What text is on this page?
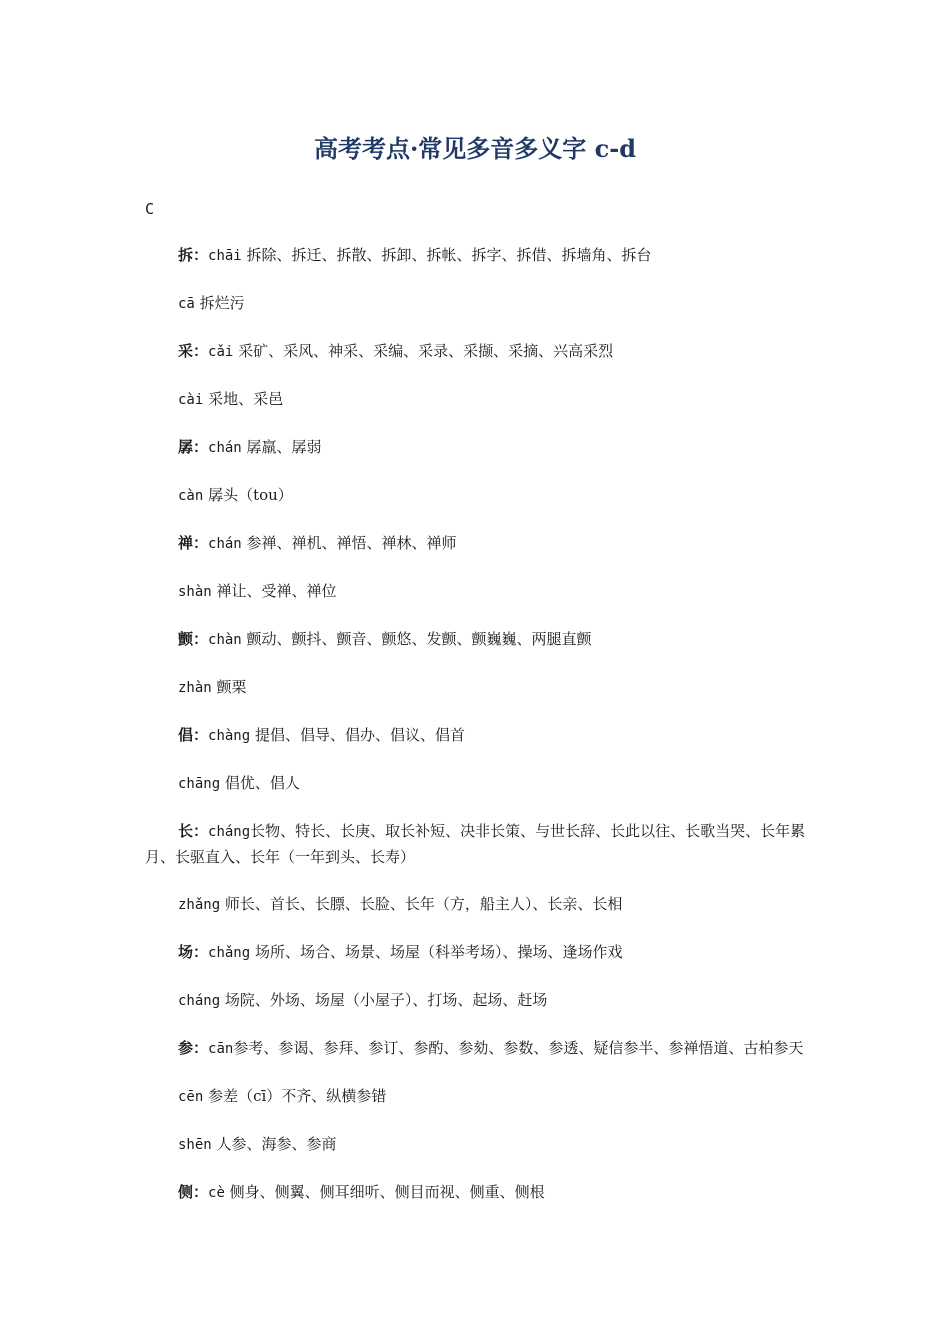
高考考点·常见多音多义字 c-d
C

拆：chāi 拆除、拆迁、拆散、拆卸、拆帐、拆字、拆借、拆墙角、拆台

cā 拆烂污

采：cǎi 采矿、采风、神采、采编、采录、采撷、采摘、兴高采烈

cài 采地、采邑

孱：chán 孱羸、孱弱

càn 孱头（tou）

禅：chán 参禅、禅机、禅悟、禅林、禅师

shàn 禅让、受禅、禅位

颤：chàn 颤动、颤抖、颤音、颤悠、发颤、颤巍巍、两腿直颤

zhàn 颤栗

倡：chàng 提倡、倡导、倡办、倡议、倡首

chāng 倡优、倡人

长：cháng长物、特长、长庚、取长补短、决非长策、与世长辞、长此以往、长歌当哭、长年累月、长驱直入、长年（一年到头、长寿）

zhǎng 师长、首长、长膘、长脸、长年（方，船主人）、长亲、长相

场：chǎng 场所、场合、场景、场屋（科举考场）、操场、逢场作戏

cháng 场院、外场、场屋（小屋子）、打场、起场、赶场

参：cān参考、参谒、参拜、参订、参酌、参劾、参数、参透、疑信参半、参禅悟道、古柏参天

cēn 参差（cī）不齐、纵横参错

shēn 人参、海参、参商

侧：cè 侧身、侧翼、侧耳细听、侧目而视、侧重、侧根
